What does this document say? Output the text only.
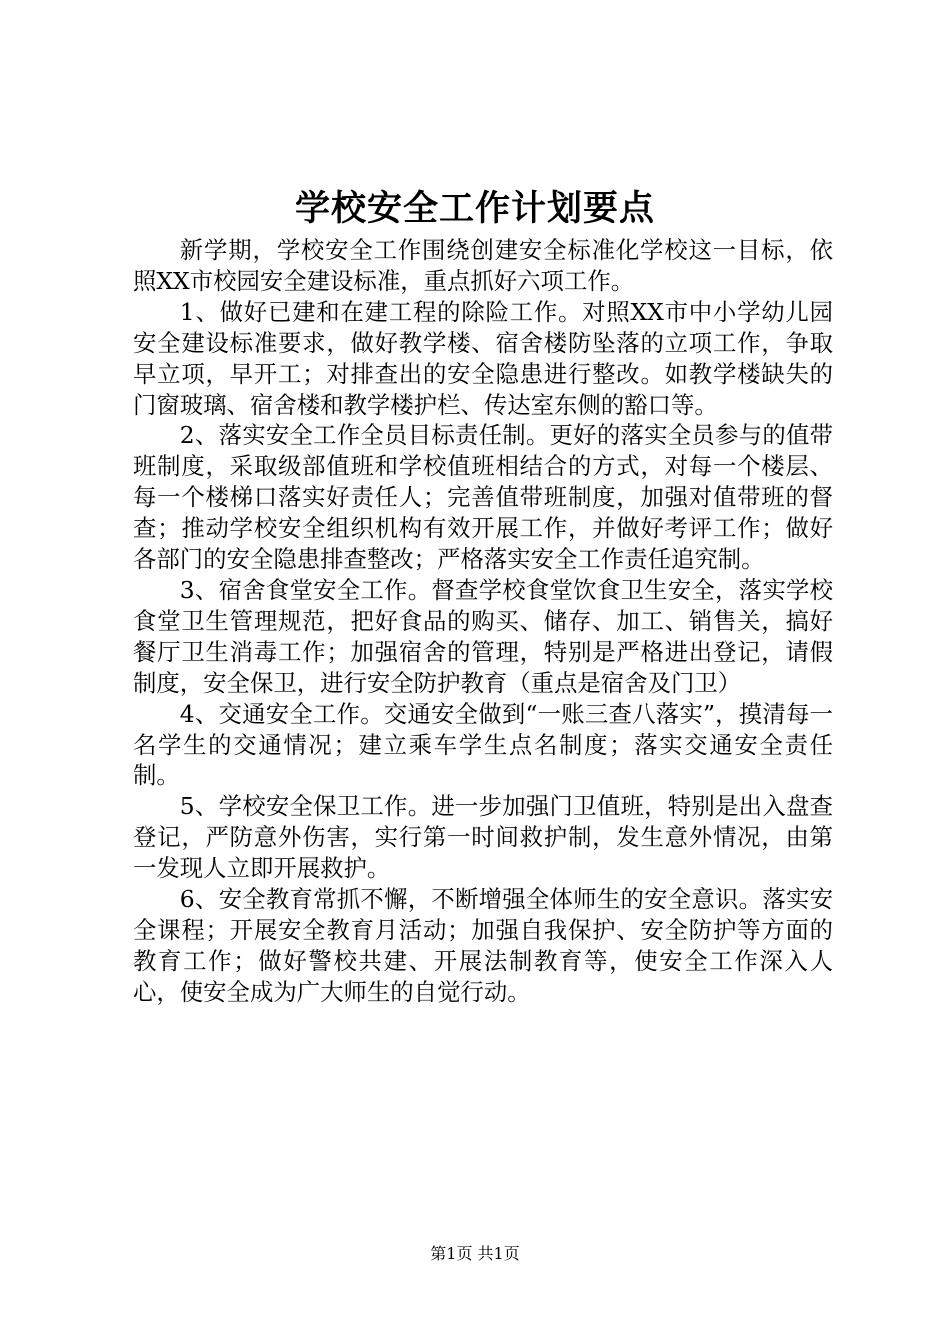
学校安全工作计划要点

新学期，学校安全工作围绕创建安全标准化学校这一目标，依照XX市校园安全建设标准，重点抓好六项工作。

1、做好已建和在建工程的除险工作。对照XX市中小学幼儿园安全建设标准要求，做好教学楼、宿舍楼防坠落的立项工作，争取早立项，早开工；对排查出的安全隐患进行整改。如教学楼缺失的门窗玻璃、宿舍楼和教学楼护栏、传达室东侧的豁口等。

2、落实安全工作全员目标责任制。更好的落实全员参与的值带班制度，采取级部值班和学校值班相结合的方式，对每一个楼层、每一个楼梯口落实好责任人；完善值带班制度，加强对值带班的督查；推动学校安全组织机构有效开展工作，并做好考评工作；做好各部门的安全隐患排查整改；严格落实安全工作责任追究制。

3、宿舍食堂安全工作。督查学校食堂饮食卫生安全，落实学校食堂卫生管理规范，把好食品的购买、储存、加工、销售关，搞好餐厅卫生消毒工作；加强宿舍的管理，特别是严格进出登记，请假制度，安全保卫，进行安全防护教育（重点是宿舍及门卫）

4、交通安全工作。交通安全做到“一账三查八落实”，摸清每一名学生的交通情况；建立乘车学生点名制度；落实交通安全责任制。

5、学校安全保卫工作。进一步加强门卫值班，特别是出入盘查登记，严防意外伤害，实行第一时间救护制，发生意外情况，由第一发现人立即开展救护。

6、安全教育常抓不懈，不断增强全体师生的安全意识。落实安全课程；开展安全教育月活动；加强自我保护、安全防护等方面的教育工作；做好警校共建、开展法制教育等，使安全工作深入人心，使安全成为广大师生的自觉行动。

第1页 共1页
